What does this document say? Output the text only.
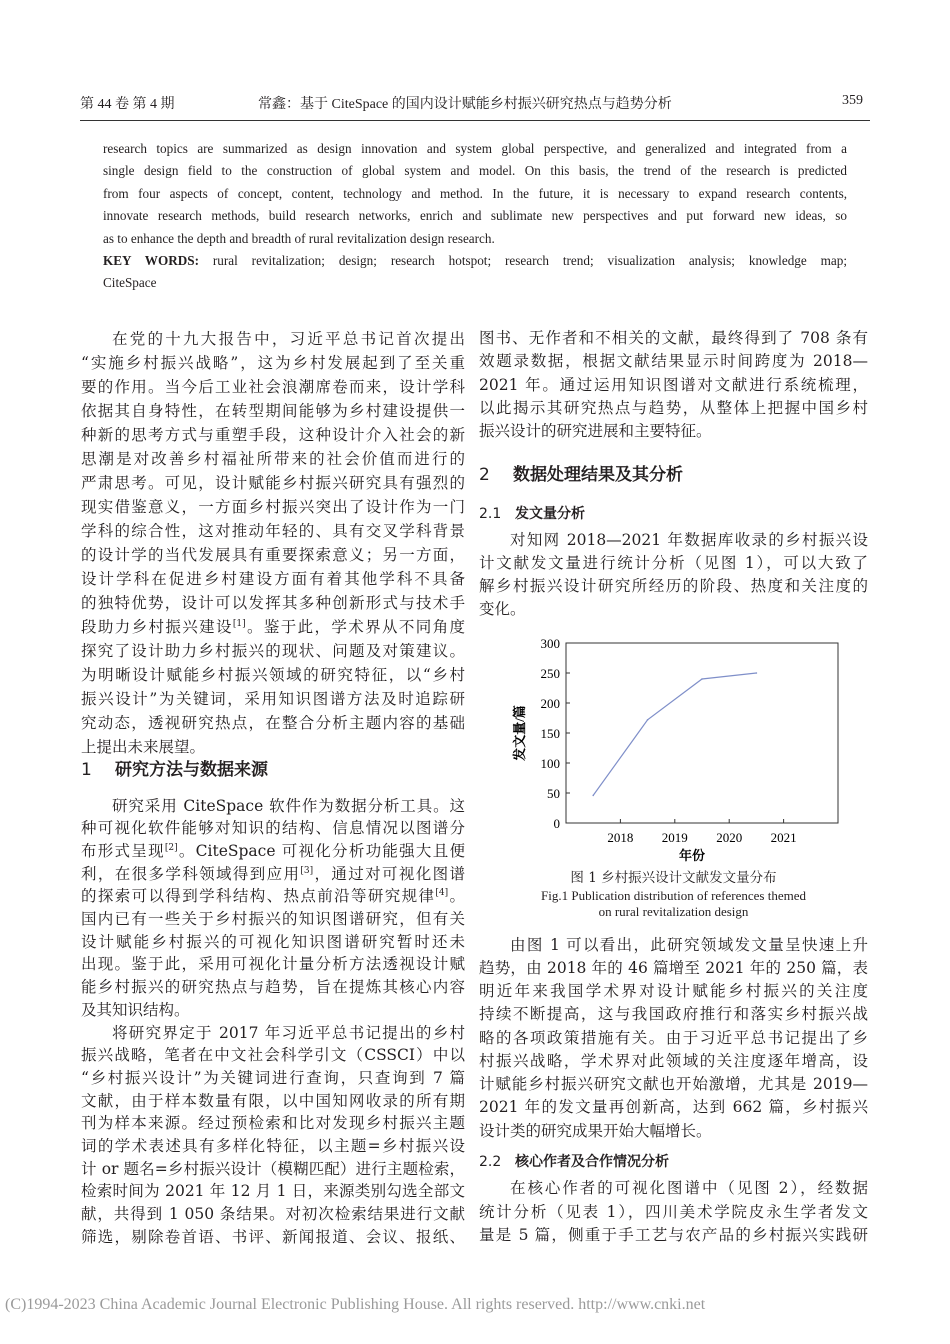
第 44 卷 第 4 期	常鑫：基于 CiteSpace 的国内设计赋能乡村振兴研究热点与趋势分析	359
research topics are summarized as design innovation and system global perspective, and generalized and integrated from a
single design field to the construction of global system and model. On this basis, the trend of the research is predicted
from four aspects of concept, content, technology and method. In the future, it is necessary to expand research contents,
innovate research methods, build research networks, enrich and sublimate new perspectives and put forward new ideas, so
as to enhance the depth and breadth of rural revitalization design research.
KEY WORDS: rural revitalization; design; research hotspot; research trend; visualization analysis; knowledge map;
CiteSpace
在党的十九大报告中，习近平总书记首次提出
“实施乡村振兴战略”，这为乡村发展起到了至关重
要的作用。当今后工业社会浪潮席卷而来，设计学科
依据其自身特性，在转型期间能够为乡村建设提供一
种新的思考方式与重塑手段，这种设计介入社会的新
思潮是对改善乡村福祉所带来的社会价值而进行的
严肃思考。可见，设计赋能乡村振兴研究具有强烈的
现实借鉴意义，一方面乡村振兴突出了设计作为一门
学科的综合性，这对推动年轻的、具有交叉学科背景
的设计学的当代发展具有重要探索意义；另一方面，
设计学科在促进乡村建设方面有着其他学科不具备
的独特优势，设计可以发挥其多种创新形式与技术手
段助力乡村振兴建设[1]。鉴于此，学术界从不同角度
探究了设计助力乡村振兴的现状、问题及对策建议。
为明晰设计赋能乡村振兴领域的研究特征，以“乡村
振兴设计”为关键词，采用知识图谱方法及时追踪研
究动态，透视研究热点，在整合分析主题内容的基础
上提出未来展望。
1 研究方法与数据来源
研究采用 CiteSpace 软件作为数据分析工具。这
种可视化软件能够对知识的结构、信息情况以图谱分
布形式呈现[2]。CiteSpace 可视化分析功能强大且便
利，在很多学科领域得到应用[3]，通过对可视化图谱
的探索可以得到学科结构、热点前沿等研究规律[4]。
国内已有一些关于乡村振兴的知识图谱研究，但有关
设计赋能乡村振兴的可视化知识图谱研究暂时还未
出现。鉴于此，采用可视化计量分析方法透视设计赋
能乡村振兴的研究热点与趋势，旨在提炼其核心内容
及其知识结构。
将研究界定于 2017 年习近平总书记提出的乡村
振兴战略，笔者在中文社会科学引文（CSSCI）中以
“乡村振兴设计”为关键词进行查询，只查询到 7 篇
文献，由于样本数量有限，以中国知网收录的所有期
刊为样本来源。经过预检索和比对发现乡村振兴主题
词的学术表述具有多样化特征，以主题=乡村振兴设
计 or 题名=乡村振兴设计（模糊匹配）进行主题检索，
检索时间为 2021 年 12 月 1 日，来源类别勾选全部文
献，共得到 1 050 条结果。对初次检索结果进行文献
筛选，剔除卷首语、书评、新闻报道、会议、报纸、
图书、无作者和不相关的文献，最终得到了 708 条有
效题录数据，根据文献结果显示时间跨度为 2018—
2021 年。通过运用知识图谱对文献进行系统梳理，
以此揭示其研究热点与趋势，从整体上把握中国乡村
振兴设计的研究进展和主要特征。
2 数据处理结果及其分析
2.1 发文量分析
对知网 2018—2021 年数据库收录的乡村振兴设
计文献发文量进行统计分析（见图 1），可以大致了
解乡村振兴设计研究所经历的阶段、热度和关注度的
变化。
0
50
100
150
200
250
300
2018 2019 2020 2021
年份
发文量/篇
图 1 乡村振兴设计文献发文量分布
Fig.1 Publication distribution of references themed
on rural revitalization design
由图 1 可以看出，此研究领域发文量呈快速上升
趋势，由 2018 年的 46 篇增至 2021 年的 250 篇，表
明近年来我国学术界对设计赋能乡村振兴的关注度
持续不断提高，这与我国政府推行和落实乡村振兴战
略的各项政策措施有关。由于习近平总书记提出了乡
村振兴战略，学术界对此领域的关注度逐年增高，设
计赋能乡村振兴研究文献也开始激增，尤其是 2019—
2021 年的发文量再创新高，达到 662 篇，乡村振兴
设计类的研究成果开始大幅增长。
2.2 核心作者及合作情况分析
在核心作者的可视化图谱中（见图 2），经数据
统计分析（见表 1），四川美术学院皮永生学者发文
量是 5 篇，侧重于手工艺与农产品的乡村振兴实践研
(C)1994-2023 China Academic Journal Electronic Publishing House. All rights reserved. http://www.cnki.net
